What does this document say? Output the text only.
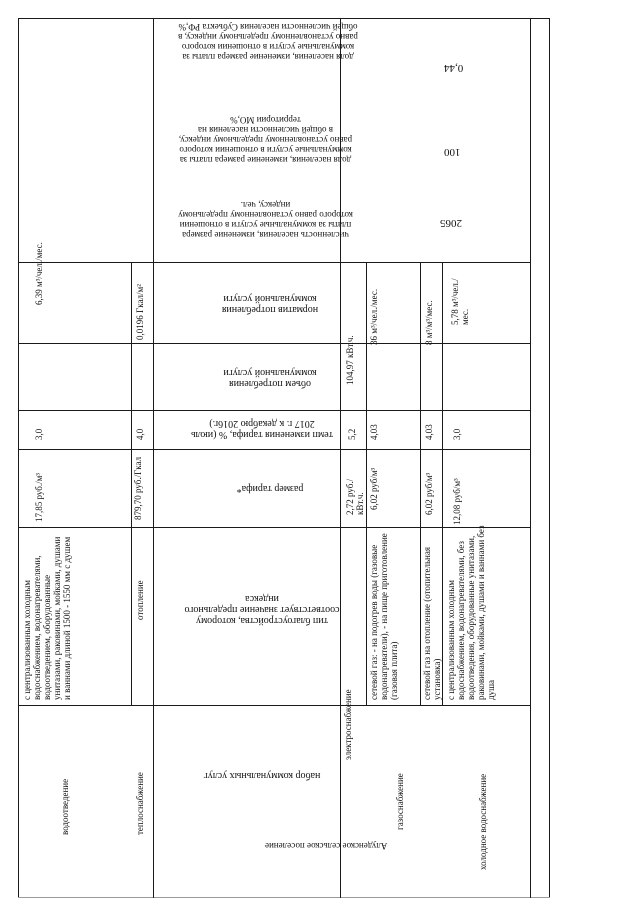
0,44
100
2065
доля населения, изменение размера платы за коммунальные услуги в отношении которого равно установленному предельному индексу, в общей численности населения Субъекта РФ,%
доля населения, изменение размера платы за коммунальные услуги в отношении которого равно установленному предельному индексу, в общей численности населения на территории МО,%
численность населения, изменение размера платы за коммунальные услуги в отношении которого равно установленному предельному индексу, чел.
норматив потребления коммунальной услуги
объем потребления коммунальной услуги
темп изменения тарифа, % (июль 2017 г. к декабрю 2016г.)
размер тарифа*
тип благоустройства, которому соответствует значение предельного индекса
набор коммунальных услуг
6,39 м³/чел./мес.
3,0
17,85 руб./м³
с централизованным холодным водоснабжением, водонагревателями, водоотведением, оборудованные унитазами, раковинами, мойками, душами и ваннами длиной 1500 - 1550 мм с душем
водоотведение
0,0196 Гкал/м²
4,0
879,70 руб./Гкал
отопление
теплоснабжение
104,97 кВт.ч.
5,2
2,72 руб./ кВт.ч.
электроснабжение
36 м³/чел./мес.
4,03
6,02 руб/м³
сетевой газ: - на подогрев воды (газовые водонагреватели), - на пище приготовление (газовая плита)
газоснабжение
8 м³/м³/мес.
4,03
6,02 руб/м³
сетевой газ на отопление (отопительная установка)
5,78 м³/чел./мес.
3,0
12,08 руб/м³
с централизованным холодным водоснабжением, водонагревателями, без водоотведения, оборудованные унитазами, раковинами, мойками, душами и ваннами без душа
холодное водоснабжение
Алуденское сельское поселение
